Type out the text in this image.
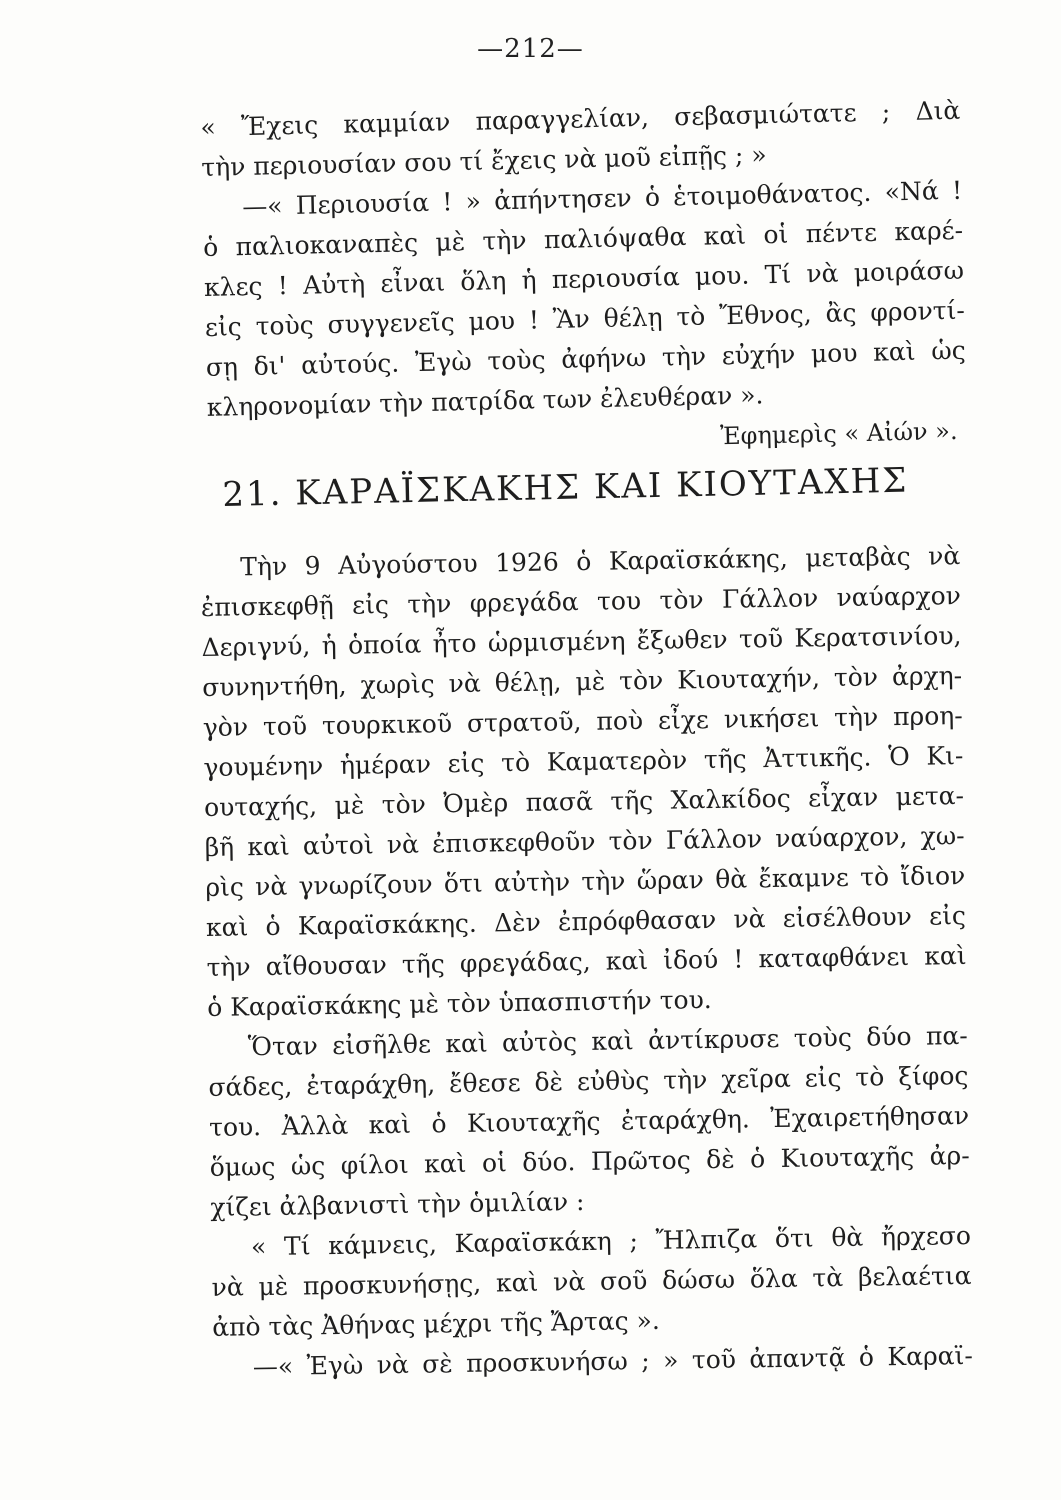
—212—
« Ἔχεις καμμίαν παραγγελίαν, σεβασμιώτατε ; Διὰ
τὴν περιουσίαν σου τί ἔχεις νὰ μοῦ εἰπῇς ; »
—« Περιουσία ! » ἀπήντησεν ὁ ἑτοιμοθάνατος. «Νά !
ὁ παλιοκαναπὲς μὲ τὴν παλιόψαθα καὶ οἱ πέντε καρέ-
κλες ! Αὐτὴ εἶναι ὅλη ἡ περιουσία μου. Τί νὰ μοιράσω
εἰς τοὺς συγγενεῖς μου ! Ἂν θέλῃ τὸ Ἔθνος, ἂς φροντί-
σῃ δι' αὐτούς. Ἐγὼ τοὺς ἀφήνω τὴν εὐχήν μου καὶ ὡς
κληρονομίαν τὴν πατρίδα των ἐλευθέραν ».
Ἐφημερὶς « Αἰών ».
21. ΚΑΡΑΪΣΚΑΚΗΣ ΚΑΙ ΚΙΟΥΤΑΧΗΣ
Τὴν 9 Αὐγούστου 1926 ὁ Καραϊσκάκης, μεταβὰς νὰ
ἐπισκεφθῇ εἰς τὴν φρεγάδα του τὸν Γάλλον ναύαρχον
Δεριγνύ, ἡ ὁποία ἦτο ὡρμισμένη ἔξωθεν τοῦ Κερατσινίου,
συνηντήθη, χωρὶς νὰ θέλῃ, μὲ τὸν Κιουταχήν, τὸν ἀρχη-
γὸν τοῦ τουρκικοῦ στρατοῦ, ποὺ εἶχε νικήσει τὴν προη-
γουμένην ἡμέραν εἰς τὸ Καματερὸν τῆς Ἀττικῆς. Ὁ Κι-
ουταχής, μὲ τὸν Ὀμὲρ πασᾶ τῆς Χαλκίδος εἶχαν μετα-
βῆ καὶ αὐτοὶ νὰ ἐπισκεφθοῦν τὸν Γάλλον ναύαρχον, χω-
ρὶς νὰ γνωρίζουν ὅτι αὐτὴν τὴν ὥραν θὰ ἔκαμνε τὸ ἴδιον
καὶ ὁ Καραϊσκάκης. Δὲν ἐπρόφθασαν νὰ εἰσέλθουν εἰς
τὴν αἴθουσαν τῆς φρεγάδας, καὶ ἰδού ! καταφθάνει καὶ
ὁ Καραϊσκάκης μὲ τὸν ὑπασπιστήν του.
Ὅταν εἰσῆλθε καὶ αὐτὸς καὶ ἀντίκρυσε τοὺς δύο πα-
σάδες, ἐταράχθη, ἔθεσε δὲ εὐθὺς τὴν χεῖρα εἰς τὸ ξίφος
του. Ἀλλὰ καὶ ὁ Κιουταχῆς ἐταράχθη. Ἐχαιρετήθησαν
ὅμως ὡς φίλοι καὶ οἱ δύο. Πρῶτος δὲ ὁ Κιουταχῆς ἀρ-
χίζει ἀλβανιστὶ τὴν ὁμιλίαν :
« Τί κάμνεις, Καραϊσκάκη ; Ἤλπιζα ὅτι θὰ ἤρχεσο
νὰ μὲ προσκυνήσῃς, καὶ νὰ σοῦ δώσω ὅλα τὰ βελαέτια
ἀπὸ τὰς Ἀθήνας μέχρι τῆς Ἄρτας ».
—« Ἐγὼ νὰ σὲ προσκυνήσω ; » τοῦ ἀπαντᾷ ὁ Καραϊ-
